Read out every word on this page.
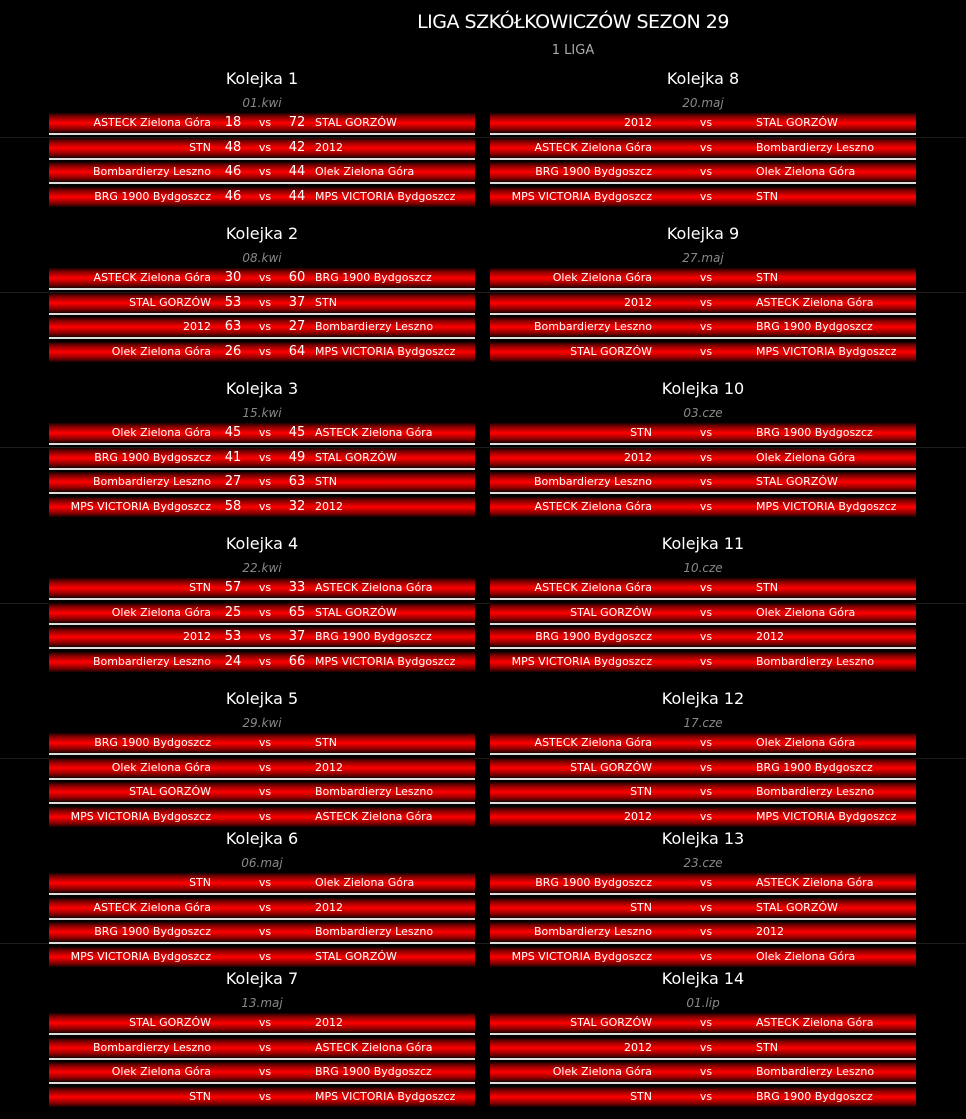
LIGA SZKÓŁKOWICZÓW SEZON 29
1 LIGA
Kolejka 1
01.kwi
ASTECK Zielona Góra	18	vs	72 STAL GORZÓW
STN	48	vs	42 2012
Bombardierzy Leszno	46	vs	44 Olek Zielona Góra
BRG 1900 Bydgoszcz	46	vs	44 MPS VICTORIA Bydgoszcz
Kolejka 2
08.kwi
ASTECK Zielona Góra	30	vs	60 BRG 1900 Bydgoszcz
STAL GORZÓW	53	vs	37 STN
2012	63	vs	27 Bombardierzy Leszno
Olek Zielona Góra	26	vs	64 MPS VICTORIA Bydgoszcz
Kolejka 3
15.kwi
Olek Zielona Góra	45	vs	45 ASTECK Zielona Góra
BRG 1900 Bydgoszcz	41	vs	49 STAL GORZÓW
Bombardierzy Leszno	27	vs	63 STN
MPS VICTORIA Bydgoszcz	58	vs	32 2012
Kolejka 4
22.kwi
STN	57	vs	33 ASTECK Zielona Góra
Olek Zielona Góra	25	vs	65 STAL GORZÓW
2012	53	vs	37 BRG 1900 Bydgoszcz
Bombardierzy Leszno	24	vs	66 MPS VICTORIA Bydgoszcz
Kolejka 5
29.kwi
BRG 1900 Bydgoszcz	vs	STN
Olek Zielona Góra	vs	2012
STAL GORZÓW	vs	Bombardierzy Leszno
MPS VICTORIA Bydgoszcz	vs	ASTECK Zielona Góra
Kolejka 6
06.maj
STN	vs	Olek Zielona Góra
ASTECK Zielona Góra	vs	2012
BRG 1900 Bydgoszcz	vs	Bombardierzy Leszno
MPS VICTORIA Bydgoszcz	vs	STAL GORZÓW
Kolejka 7
13.maj
STAL GORZÓW	vs	2012
Bombardierzy Leszno	vs	ASTECK Zielona Góra
Olek Zielona Góra	vs	BRG 1900 Bydgoszcz
STN	vs	MPS VICTORIA Bydgoszcz
Kolejka 8
20.maj
2012	vs	STAL GORZÓW
ASTECK Zielona Góra	vs	Bombardierzy Leszno
BRG 1900 Bydgoszcz	vs	Olek Zielona Góra
MPS VICTORIA Bydgoszcz	vs	STN
Kolejka 9
27.maj
Olek Zielona Góra	vs	STN
2012	vs	ASTECK Zielona Góra
Bombardierzy Leszno	vs	BRG 1900 Bydgoszcz
STAL GORZÓW	vs	MPS VICTORIA Bydgoszcz
Kolejka 10
03.cze
STN	vs	BRG 1900 Bydgoszcz
2012	vs	Olek Zielona Góra
Bombardierzy Leszno	vs	STAL GORZÓW
ASTECK Zielona Góra	vs	MPS VICTORIA Bydgoszcz
Kolejka 11
10.cze
ASTECK Zielona Góra	vs	STN
STAL GORZÓW	vs	Olek Zielona Góra
BRG 1900 Bydgoszcz	vs	2012
MPS VICTORIA Bydgoszcz	vs	Bombardierzy Leszno
Kolejka 12
17.cze
ASTECK Zielona Góra	vs	Olek Zielona Góra
STAL GORZÓW	vs	BRG 1900 Bydgoszcz
STN	vs	Bombardierzy Leszno
2012	vs	MPS VICTORIA Bydgoszcz
Kolejka 13
23.cze
BRG 1900 Bydgoszcz	vs	ASTECK Zielona Góra
STN	vs	STAL GORZÓW
Bombardierzy Leszno	vs	2012
MPS VICTORIA Bydgoszcz	vs	Olek Zielona Góra
Kolejka 14
01.lip
STAL GORZÓW	vs	ASTECK Zielona Góra
2012	vs	STN
Olek Zielona Góra	vs	Bombardierzy Leszno
STN	vs	BRG 1900 Bydgoszcz
